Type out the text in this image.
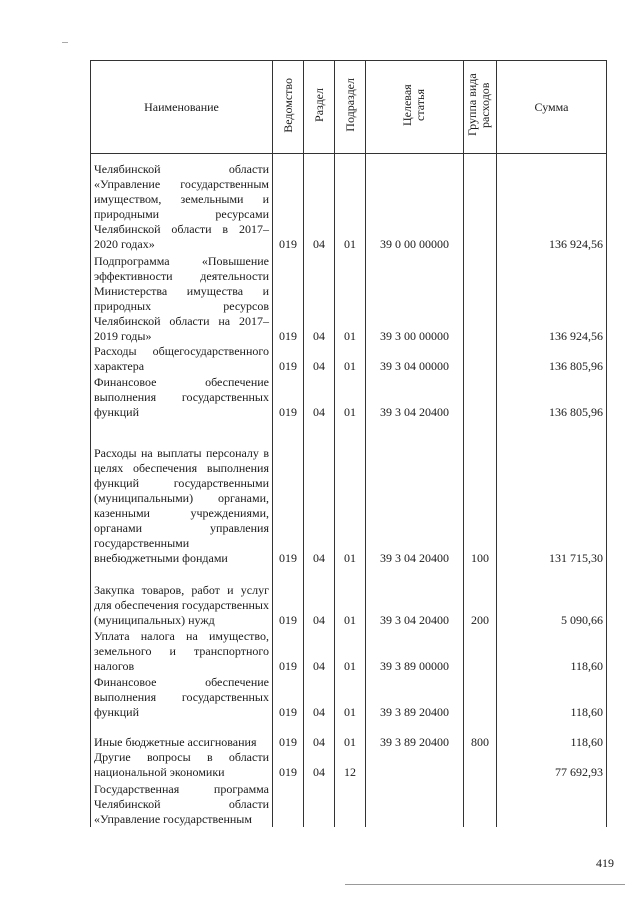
Наименование	Ведомство	Раздел	Подраздел	Целевая статья	Группа вида расходов	Сумма
Челябинской области «Управление государственным имуществом, земельными и природными ресурсами Челябинской области в 2017–2020 годах»	019	04	01	39 0 00 00000		136 924,56
Подпрограмма «Повышение эффективности деятельности Министерства имущества и природных ресурсов Челябинской области на 2017–2019 годы»	019	04	01	39 3 00 00000		136 924,56
Расходы общегосударственного характера	019	04	01	39 3 04 00000		136 805,96
Финансовое обеспечение выполнения государственных функций	019	04	01	39 3 04 20400		136 805,96
Расходы на выплаты персоналу в целях обеспечения выполнения функций государственными (муниципальными) органами, казенными учреждениями, органами управления государственными внебюджетными фондами	019	04	01	39 3 04 20400	100	131 715,30
Закупка товаров, работ и услуг для обеспечения государственных (муниципальных) нужд	019	04	01	39 3 04 20400	200	5 090,66
Уплата налога на имущество, земельного и транспортного налогов	019	04	01	39 3 89 00000		118,60
Финансовое обеспечение выполнения государственных функций	019	04	01	39 3 89 20400		118,60
Иные бюджетные ассигнования	019	04	01	39 3 89 20400	800	118,60
Другие вопросы в области национальной экономики	019	04	12			77 692,93
Государственная программа Челябинской области «Управление государственным						
419
